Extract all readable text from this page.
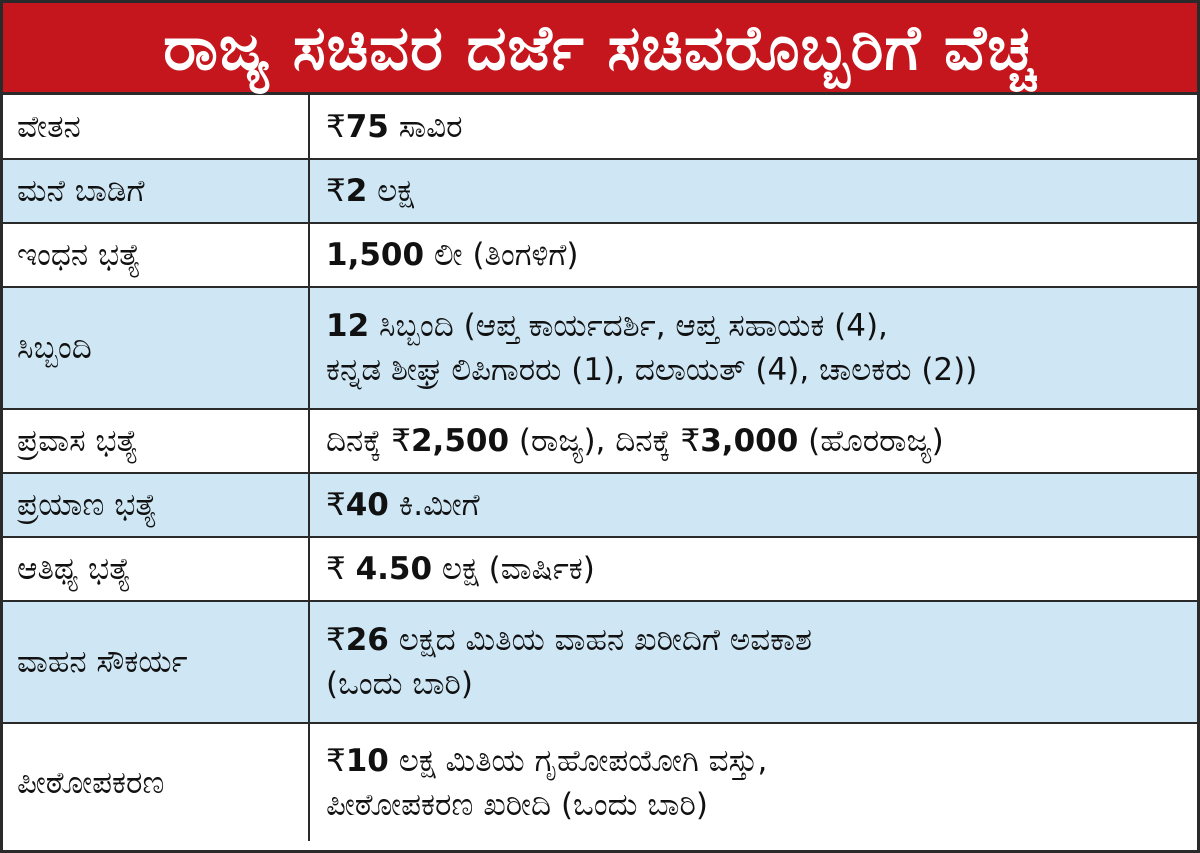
ರಾಜ್ಯ ಸಚಿವರ ದರ್ಜೆ ಸಚಿವರೊಬ್ಬರಿಗೆ ವೆಚ್ಚ
ವೇತನ	₹75 ಸಾವಿರ

ಮನೆ ಬಾಡಿಗೆ	₹2 ಲಕ್ಷ

ಇಂಧನ ಭತ್ಯೆ	1,500 ಲೀ (ತಿಂಗಳಿಗೆ)

ಸಿಬ್ಬಂದಿ	12 ಸಿಬ್ಬಂದಿ (ಆಪ್ತ ಕಾರ್ಯದರ್ಶಿ, ಆಪ್ತ ಸಹಾಯಕ (4),
ಕನ್ನಡ ಶೀಘ್ರ ಲಿಪಿಗಾರರು (1), ದಲಾಯತ್ (4), ಚಾಲಕರು (2))

ಪ್ರವಾಸ ಭತ್ಯೆ	ದಿನಕ್ಕೆ ₹2,500 (ರಾಜ್ಯ), ದಿನಕ್ಕೆ ₹3,000 (ಹೊರರಾಜ್ಯ)

ಪ್ರಯಾಣ ಭತ್ಯೆ	₹40 ಕಿ.ಮೀಗೆ

ಆತಿಥ್ಯ ಭತ್ಯೆ	₹ 4.50 ಲಕ್ಷ (ವಾರ್ಷಿಕ)

ವಾಹನ ಸೌಕರ್ಯ	₹26 ಲಕ್ಷದ ಮಿತಿಯ ವಾಹನ ಖರೀದಿಗೆ ಅವಕಾಶ
(ಒಂದು ಬಾರಿ)

ಪೀಠೋಪಕರಣ	₹10 ಲಕ್ಷ ಮಿತಿಯ ಗೃಹೋಪಯೋಗಿ ವಸ್ತು,
ಪೀಠೋಪಕರಣ ಖರೀದಿ (ಒಂದು ಬಾರಿ)
